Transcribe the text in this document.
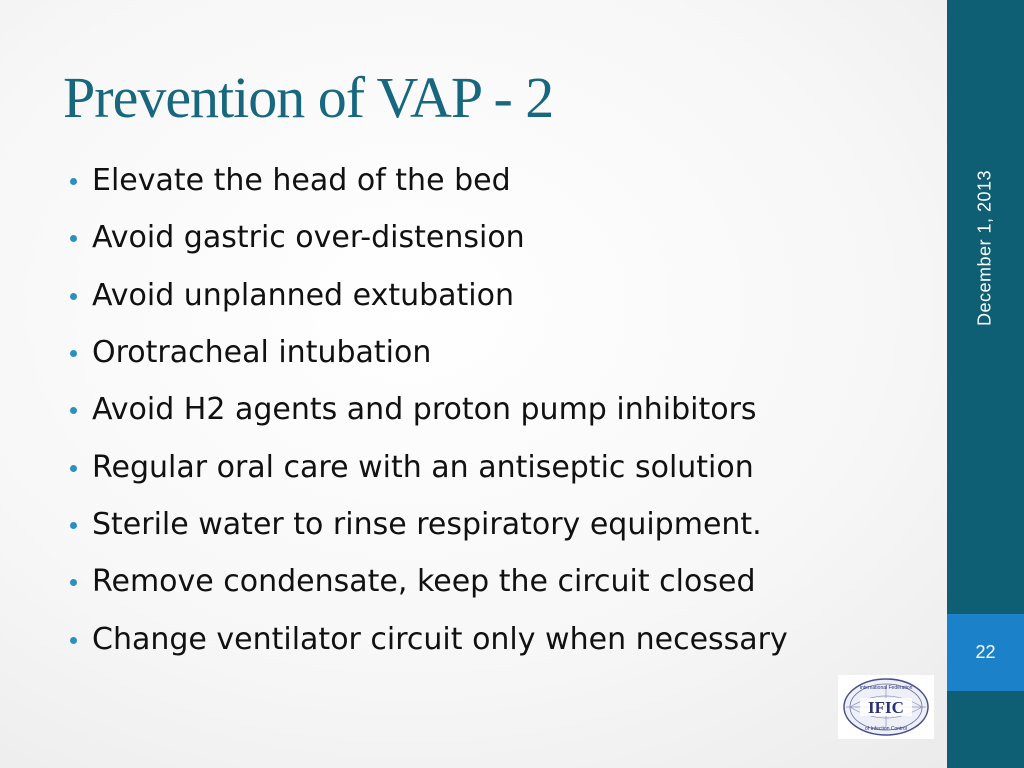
Prevention of VAP - 2
Elevate the head of the bed
Avoid gastric over-distension
Avoid unplanned extubation
Orotracheal intubation
Avoid H2 agents and proton pump inhibitors
Regular oral care with an antiseptic solution
Sterile water to rinse respiratory equipment.
Remove condensate, keep the circuit closed
Change ventilator circuit only when necessary
December 1, 2013
22
IFIC
International Federation
of Infection Control
